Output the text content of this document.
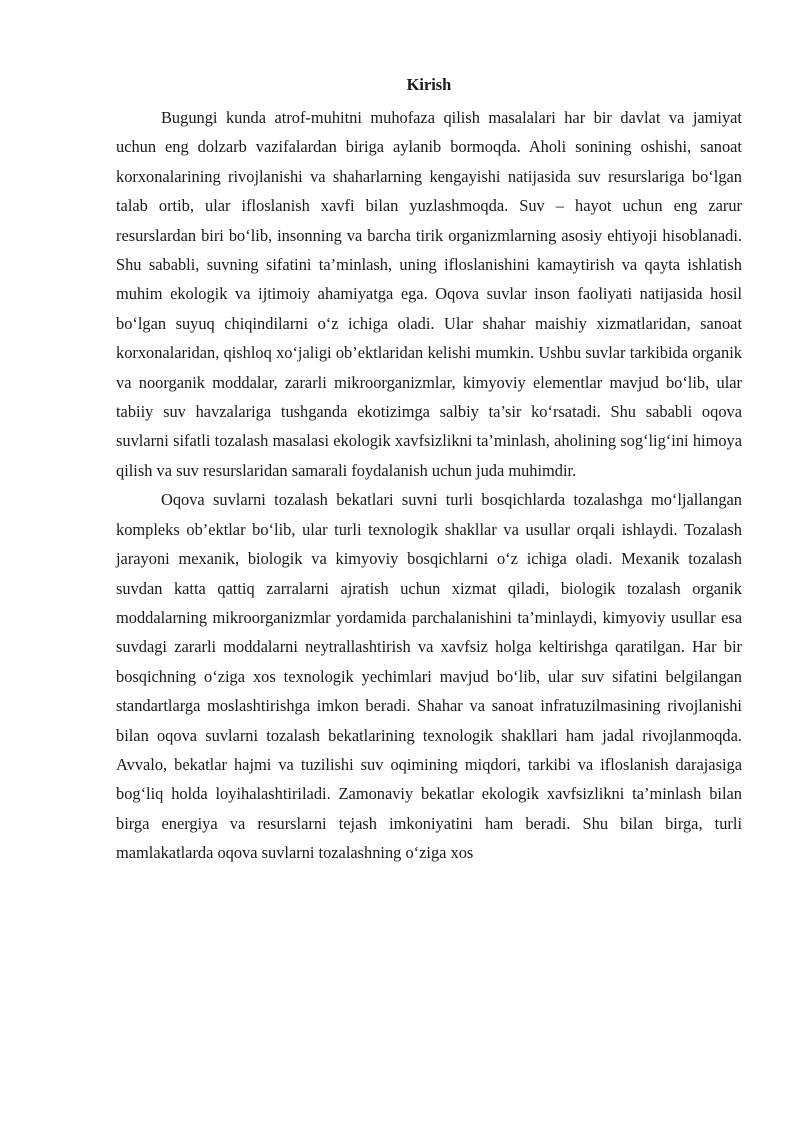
Kirish

Bugungi kunda atrof-muhitni muhofaza qilish masalalari har bir davlat va jamiyat uchun eng dolzarb vazifalardan biriga aylanib bormoqda. Aholi sonining oshishi, sanoat korxonalarining rivojlanishi va shaharlarning kengayishi natijasida suv resurslariga bo‘lgan talab ortib, ular ifloslanish xavfi bilan yuzlashmoqda. Suv – hayot uchun eng zarur resurslardan biri bo‘lib, insonning va barcha tirik organizmlarning asosiy ehtiyoji hisoblanadi. Shu sababli, suvning sifatini ta’minlash, uning ifloslanishini kamaytirish va qayta ishlatish muhim ekologik va ijtimoiy ahamiyatga ega. Oqova suvlar inson faoliyati natijasida hosil bo‘lgan suyuq chiqindilarni o‘z ichiga oladi. Ular shahar maishiy xizmatlaridan, sanoat korxonalaridan, qishloq xo‘jaligi ob’ektlaridan kelishi mumkin. Ushbu suvlar tarkibida organik va noorganik moddalar, zararli mikroorganizmlar, kimyoviy elementlar mavjud bo‘lib, ular tabiiy suv havzalariga tushganda ekotizimga salbiy ta’sir ko‘rsatadi. Shu sababli oqova suvlarni sifatli tozalash masalasi ekologik xavfsizlikni ta’minlash, aholining sog‘lig‘ini himoya qilish va suv resurslaridan samarali foydalanish uchun juda muhimdir.

Oqova suvlarni tozalash bekatlari suvni turli bosqichlarda tozalashga mo‘ljallangan kompleks ob’ektlar bo‘lib, ular turli texnologik shakllar va usullar orqali ishlaydi. Tozalash jarayoni mexanik, biologik va kimyoviy bosqichlarni o‘z ichiga oladi. Mexanik tozalash suvdan katta qattiq zarralarni ajratish uchun xizmat qiladi, biologik tozalash organik moddalarning mikroorganizmlar yordamida parchalanishini ta’minlaydi, kimyoviy usullar esa suvdagi zararli moddalarni neytrallashtirish va xavfsiz holga keltirishga qaratilgan. Har bir bosqichning o‘ziga xos texnologik yechimlari mavjud bo‘lib, ular suv sifatini belgilangan standartlarga moslashtirishga imkon beradi. Shahar va sanoat infratuzilmasining rivojlanishi bilan oqova suvlarni tozalash bekatlarining texnologik shakllari ham jadal rivojlanmoqda. Avvalo, bekatlar hajmi va tuzilishi suv oqimining miqdori, tarkibi va ifloslanish darajasiga bog‘liq holda loyihalashtiriladi. Zamonaviy bekatlar ekologik xavfsizlikni ta’minlash bilan birga energiya va resurslarni tejash imkoniyatini ham beradi. Shu bilan birga, turli mamlakatlarda oqova suvlarni tozalashning o‘ziga xos
